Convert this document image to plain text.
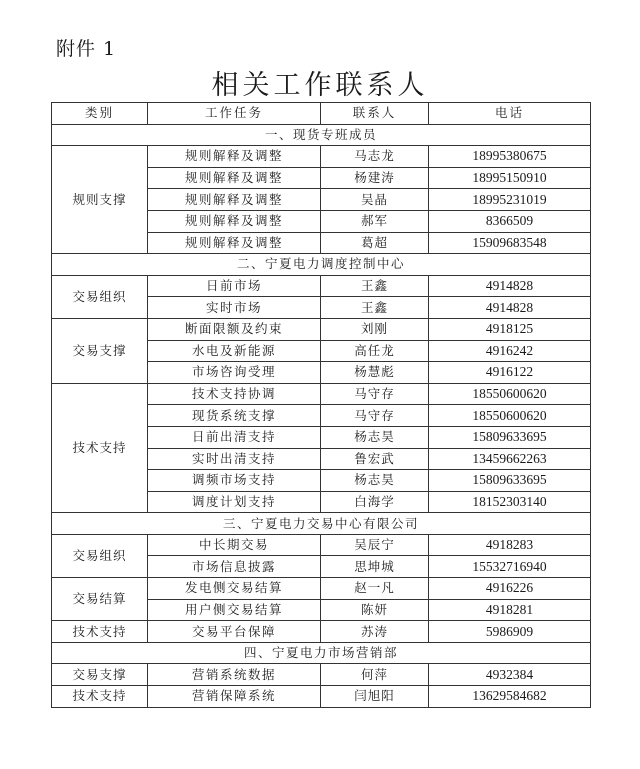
附件 1
相关工作联系人
类别	工作任务	联系人	电话
一、现货专班成员			
规则支撑	规则解释及调整	马志龙	18995380675
	规则解释及调整	杨建涛	18995150910
	规则解释及调整	吴晶	18995231019
	规则解释及调整	郝军	8366509
	规则解释及调整	葛超	15909683548
二、宁夏电力调度控制中心			
交易组织	日前市场	王鑫	4914828
	实时市场	王鑫	4914828
交易支撑	断面限额及约束	刘刚	4918125
	水电及新能源	高任龙	4916242
	市场咨询受理	杨慧彪	4916122
技术支持	技术支持协调	马守存	18550600620
	现货系统支撑	马守存	18550600620
	日前出清支持	杨志昊	15809633695
	实时出清支持	鲁宏武	13459662263
	调频市场支持	杨志昊	15809633695
	调度计划支持	白海学	18152303140
三、宁夏电力交易中心有限公司			
交易组织	中长期交易	吴辰宁	4918283
	市场信息披露	思坤城	15532716940
交易结算	发电侧交易结算	赵一凡	4916226
	用户侧交易结算	陈妍	4918281
技术支持	交易平台保障	苏涛	5986909
四、宁夏电力市场营销部			
交易支撑	营销系统数据	何萍	4932384
技术支持	营销保障系统	闫旭阳	13629584682
